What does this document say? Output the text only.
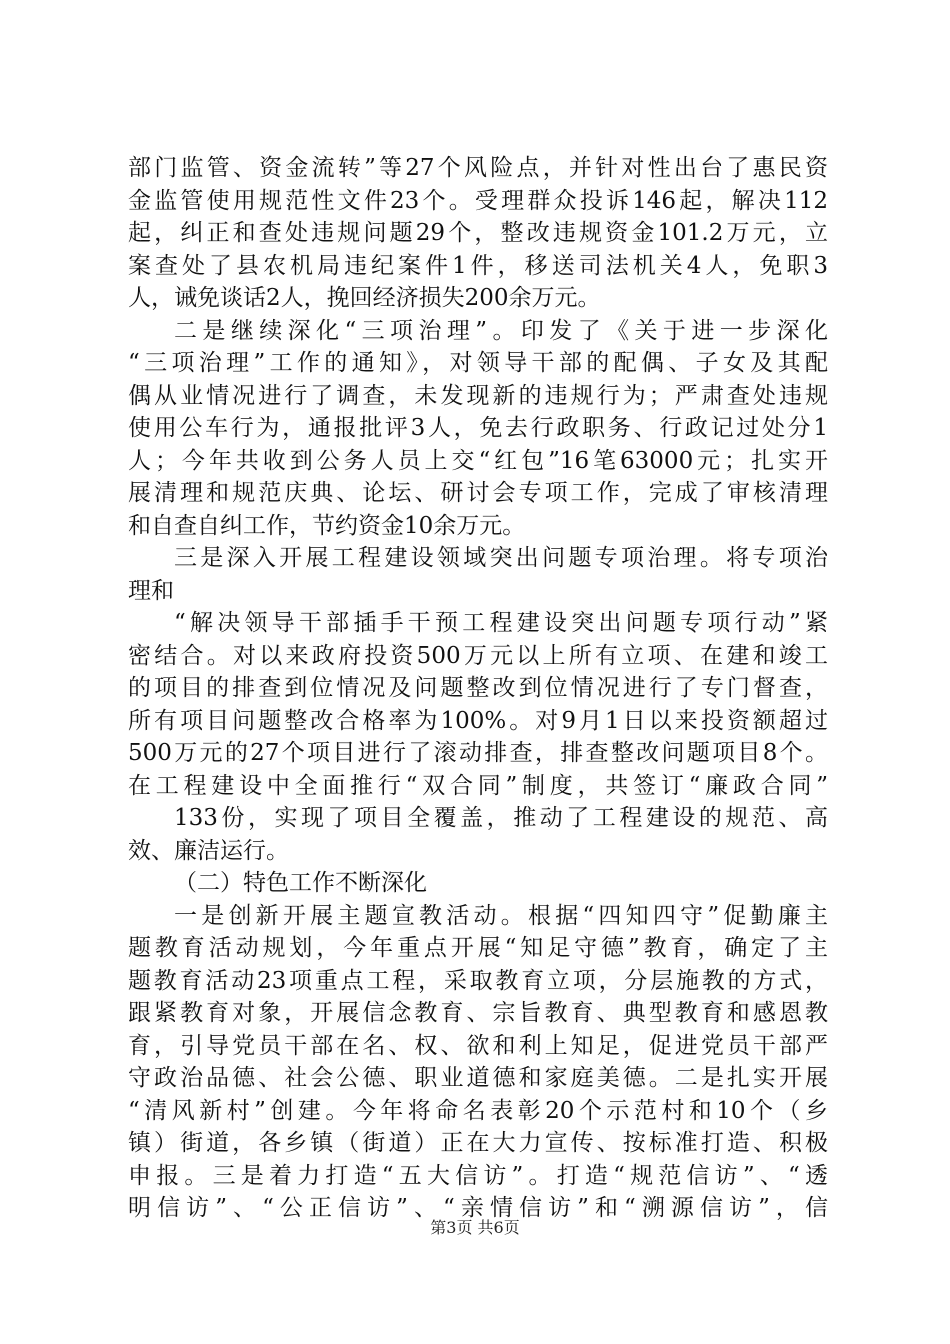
部门监管、资金流转”等27个风险点，并针对性出台了惠民资
金监管使用规范性文件23个。受理群众投诉146起，解决112
起，纠正和查处违规问题29个，整改违规资金101.2万元，立
案查处了县农机局违纪案件1件，移送司法机关4人，免职3
人，诫免谈话2人，挽回经济损失200余万元。
二是继续深化“三项治理”。印发了《关于进一步深化
“三项治理”工作的通知》，对领导干部的配偶、子女及其配
偶从业情况进行了调查，未发现新的违规行为；严肃查处违规
使用公车行为，通报批评3人，免去行政职务、行政记过处分1
人；今年共收到公务人员上交“红包”16笔63000元；扎实开
展清理和规范庆典、论坛、研讨会专项工作，完成了审核清理
和自查自纠工作，节约资金10余万元。
三是深入开展工程建设领域突出问题专项治理。将专项治
理和
“解决领导干部插手干预工程建设突出问题专项行动”紧
密结合。对以来政府投资500万元以上所有立项、在建和竣工
的项目的排查到位情况及问题整改到位情况进行了专门督查，
所有项目问题整改合格率为100%。对9月1日以来投资额超过
500万元的27个项目进行了滚动排查，排查整改问题项目8个。
在工程建设中全面推行“双合同”制度，共签订“廉政合同”
133份，实现了项目全覆盖，推动了工程建设的规范、高
效、廉洁运行。
（二）特色工作不断深化
一是创新开展主题宣教活动。根据“四知四守”促勤廉主
题教育活动规划，今年重点开展“知足守德”教育，确定了主
题教育活动23项重点工程，采取教育立项，分层施教的方式，
跟紧教育对象，开展信念教育、宗旨教育、典型教育和感恩教
育，引导党员干部在名、权、欲和利上知足，促进党员干部严
守政治品德、社会公德、职业道德和家庭美德。二是扎实开展
“清风新村”创建。今年将命名表彰20个示范村和10个（乡
镇）街道，各乡镇（街道）正在大力宣传、按标准打造、积极
申报。三是着力打造“五大信访”。打造“规范信访”、“透
明信访”、“公正信访”、“亲情信访”和“溯源信访”，信
第3页 共6页
